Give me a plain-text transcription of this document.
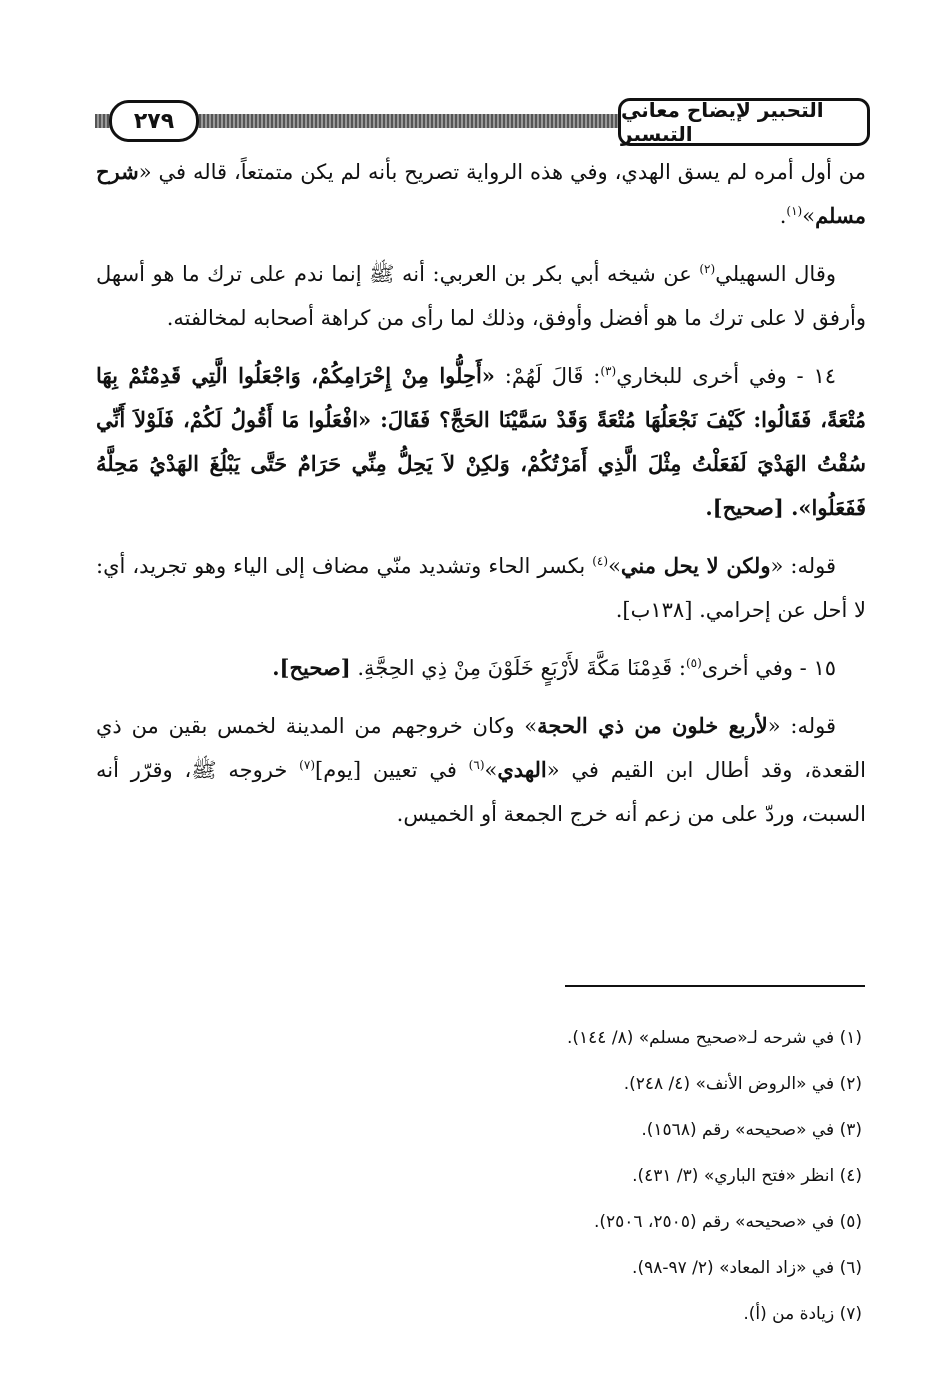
٢٧٩	التحبير لإيضاح معاني التيسير

من أول أمره لم يسق الهدي، وفي هذه الرواية تصريح بأنه لم يكن متمتعاً، قاله في «شرح مسلم»$^{(١)}$.

وقال السهيلي$^{(٢)}$ عن شيخه أبي بكر بن العربي: أنه ﷺ إنما ندم على ترك ما هو أسهل وأرفق لا على ترك ما هو أفضل وأوفق، وذلك لما رأى من كراهة أصحابه لمخالفته.

١٤ - وفي أخرى للبخاري$^{(٣)}$: قَالَ لَهُمْ: «أَحِلُّوا مِنْ إِحْرَامِكُمْ، وَاجْعَلُوا الَّتِي قَدِمْتُمْ بِهَا مُتْعَةً، فَقَالُوا: كَيْفَ نَجْعَلُهَا مُتْعَةً وَقَدْ سَمَّيْنَا الحَجَّ؟ فَقَالَ: «افْعَلُوا مَا أَقُولُ لَكُمْ، فَلَوْلاَ أَنِّي سُقْتُ الهَدْيَ لَفَعَلْتُ مِثْلَ الَّذِي أَمَرْتُكُمْ، وَلكِنْ لاَ يَحِلُّ مِنِّي حَرَامٌ حَتَّى يَبْلُغَ الهَدْيُ مَحِلَّهُ فَفَعَلُوا». [صحيح].

قوله: «ولكن لا يحل مني»$^{(٤)}$ بكسر الحاء وتشديد منّي مضاف إلى الياء وهو تجريد، أي: لا أحل عن إحرامي. [١٣٨ب].

١٥ - وفي أخرى$^{(٥)}$: قَدِمْنَا مَكَّةَ لأَرْبَعٍ خَلَوْنَ مِنْ ذِي الحِجَّةِ. [صحيح].

قوله: «لأربع خلون من ذي الحجة» وكان خروجهم من المدينة لخمس بقين من ذي القعدة، وقد أطال ابن القيم في «الهدي»$^{(٦)}$ في تعيين [يوم]$^{(٧)}$ خروجه ﷺ، وقرّر أنه السبت، وردّ على من زعم أنه خرج الجمعة أو الخميس.

(١) في شرحه لـ«صحيح مسلم» (٨/ ١٤٤).

(٢) في «الروض الأنف» (٤/ ٢٤٨).

(٣) في «صحيحه» رقم (١٥٦٨).

(٤) انظر «فتح الباري» (٣/ ٤٣١).

(٥) في «صحيحه» رقم (٢٥٠٥، ٢٥٠٦).

(٦) في «زاد المعاد» (٢/ ٩٧-٩٨).

(٧) زيادة من (أ).
